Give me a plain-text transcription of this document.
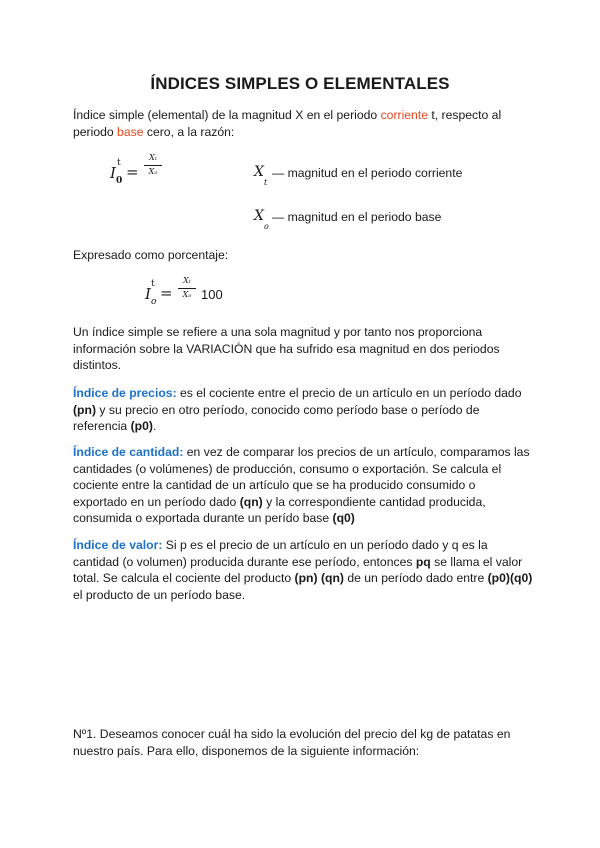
ÍNDICES SIMPLES O ELEMENTALES

Índice simple (elemental) de la magnitud X en el periodo corriente t, respecto al periodo base cero, a la razón:

I
t
0 =
Xt
Xo	X
t
— magnitud en el periodo corriente
X
o
— magnitud en el periodo base

Expresado como porcentaje:

I
t
o =
Xt
Xo 100

Un índice simple se refiere a una sola magnitud y por tanto nos proporciona información sobre la VARIACIÓN que ha sufrido esa magnitud en dos periodos distintos.

Índice de precios: es el cociente entre el precio de un artículo en un período dado (pn) y su precio en otro período, conocido como período base o período de referencia (p0).

Índice de cantidad: en vez de comparar los precios de un artículo, comparamos las cantidades (o volúmenes) de producción, consumo o exportación. Se calcula el cociente entre la cantidad de un artículo que se ha producido consumido o exportado en un período dado (qn) y la correspondiente cantidad producida, consumida o exportada durante un perído base (q0)

Índice de valor: Si p es el precio de un artículo en un período dado y q es la cantidad (o volumen) producida durante ese período, entonces pq se llama el valor total. Se calcula el cociente del producto (pn) (qn) de un período dado entre (p0)(q0) el producto de un período base.

Nº1. Deseamos conocer cuál ha sido la evolución del precio del kg de patatas en nuestro país. Para ello, disponemos de la siguiente información:
